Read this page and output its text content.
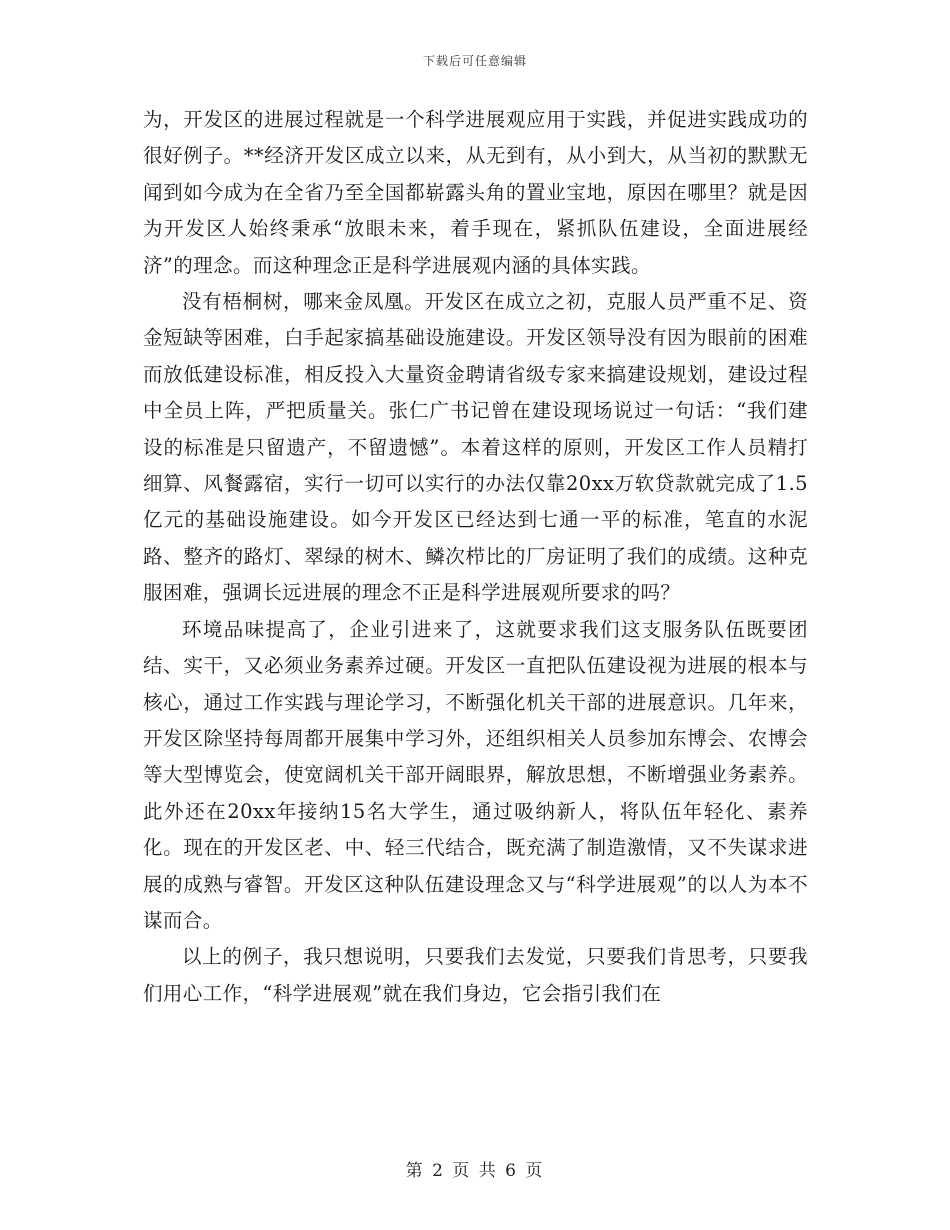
下载后可任意编辑

为，开发区的进展过程就是一个科学进展观应用于实践，并促进实践成功的很好例子。**经济开发区成立以来，从无到有，从小到大，从当初的默默无闻到如今成为在全省乃至全国都崭露头角的置业宝地，原因在哪里？就是因为开发区人始终秉承“放眼未来，着手现在，紧抓队伍建设，全面进展经济”的理念。而这种理念正是科学进展观内涵的具体实践。

没有梧桐树，哪来金凤凰。开发区在成立之初，克服人员严重不足、资金短缺等困难，白手起家搞基础设施建设。开发区领导没有因为眼前的困难而放低建设标准，相反投入大量资金聘请省级专家来搞建设规划，建设过程中全员上阵，严把质量关。张仁广书记曾在建设现场说过一句话：“我们建设的标准是只留遗产，不留遗憾”。本着这样的原则，开发区工作人员精打细算、风餐露宿，实行一切可以实行的办法仅靠20xx万软贷款就完成了1.5亿元的基础设施建设。如今开发区已经达到七通一平的标准，笔直的水泥路、整齐的路灯、翠绿的树木、鳞次栉比的厂房证明了我们的成绩。这种克服困难，强调长远进展的理念不正是科学进展观所要求的吗？

环境品味提高了，企业引进来了，这就要求我们这支服务队伍既要团结、实干，又必须业务素养过硬。开发区一直把队伍建设视为进展的根本与核心，通过工作实践与理论学习，不断强化机关干部的进展意识。几年来，开发区除坚持每周都开展集中学习外，还组织相关人员参加东博会、农博会等大型博览会，使宽阔机关干部开阔眼界，解放思想，不断增强业务素养。此外还在20xx年接纳15名大学生，通过吸纳新人，将队伍年轻化、素养化。现在的开发区老、中、轻三代结合，既充满了制造激情，又不失谋求进展的成熟与睿智。开发区这种队伍建设理念又与“科学进展观”的以人为本不谋而合。

以上的例子，我只想说明，只要我们去发觉，只要我们肯思考，只要我们用心工作，“科学进展观”就在我们身边，它会指引我们在

第 2 页 共 6 页
